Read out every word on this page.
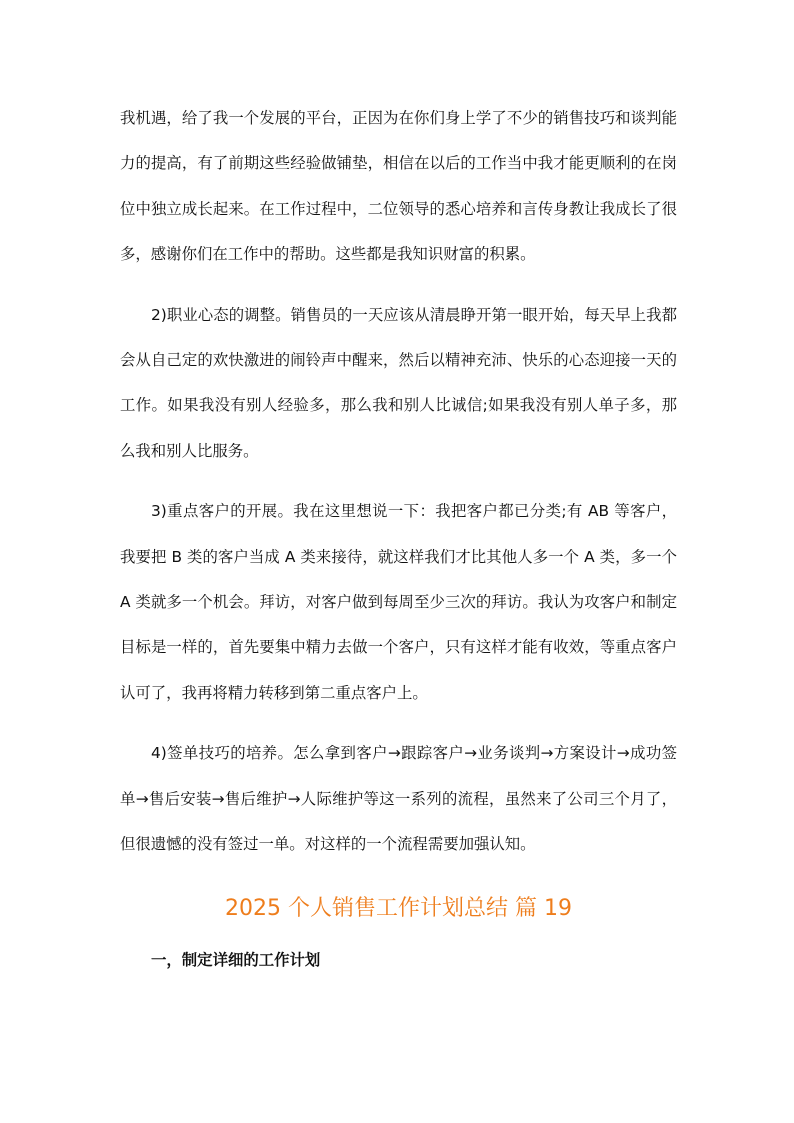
我机遇，给了我一个发展的平台，正因为在你们身上学了不少的销售技巧和谈判能力的提高，有了前期这些经验做铺垫，相信在以后的工作当中我才能更顺利的在岗位中独立成长起来。在工作过程中，二位领导的悉心培养和言传身教让我成长了很多，感谢你们在工作中的帮助。这些都是我知识财富的积累。

2)职业心态的调整。销售员的一天应该从清晨睁开第一眼开始，每天早上我都会从自己定的欢快激进的闹铃声中醒来，然后以精神充沛、快乐的心态迎接一天的工作。如果我没有别人经验多，那么我和别人比诚信;如果我没有别人单子多，那么我和别人比服务。

3)重点客户的开展。我在这里想说一下：我把客户都已分类;有 AB 等客户，我要把 B 类的客户当成 A 类来接待，就这样我们才比其他人多一个 A 类，多一个 A 类就多一个机会。拜访，对客户做到每周至少三次的拜访。我认为攻客户和制定目标是一样的，首先要集中精力去做一个客户，只有这样才能有收效，等重点客户认可了，我再将精力转移到第二重点客户上。

4)签单技巧的培养。怎么拿到客户→跟踪客户→业务谈判→方案设计→成功签单→售后安装→售后维护→人际维护等这一系列的流程，虽然来了公司三个月了，但很遗憾的没有签过一单。对这样的一个流程需要加强认知。

2025 个人销售工作计划总结 篇 19
一，制定详细的工作计划
